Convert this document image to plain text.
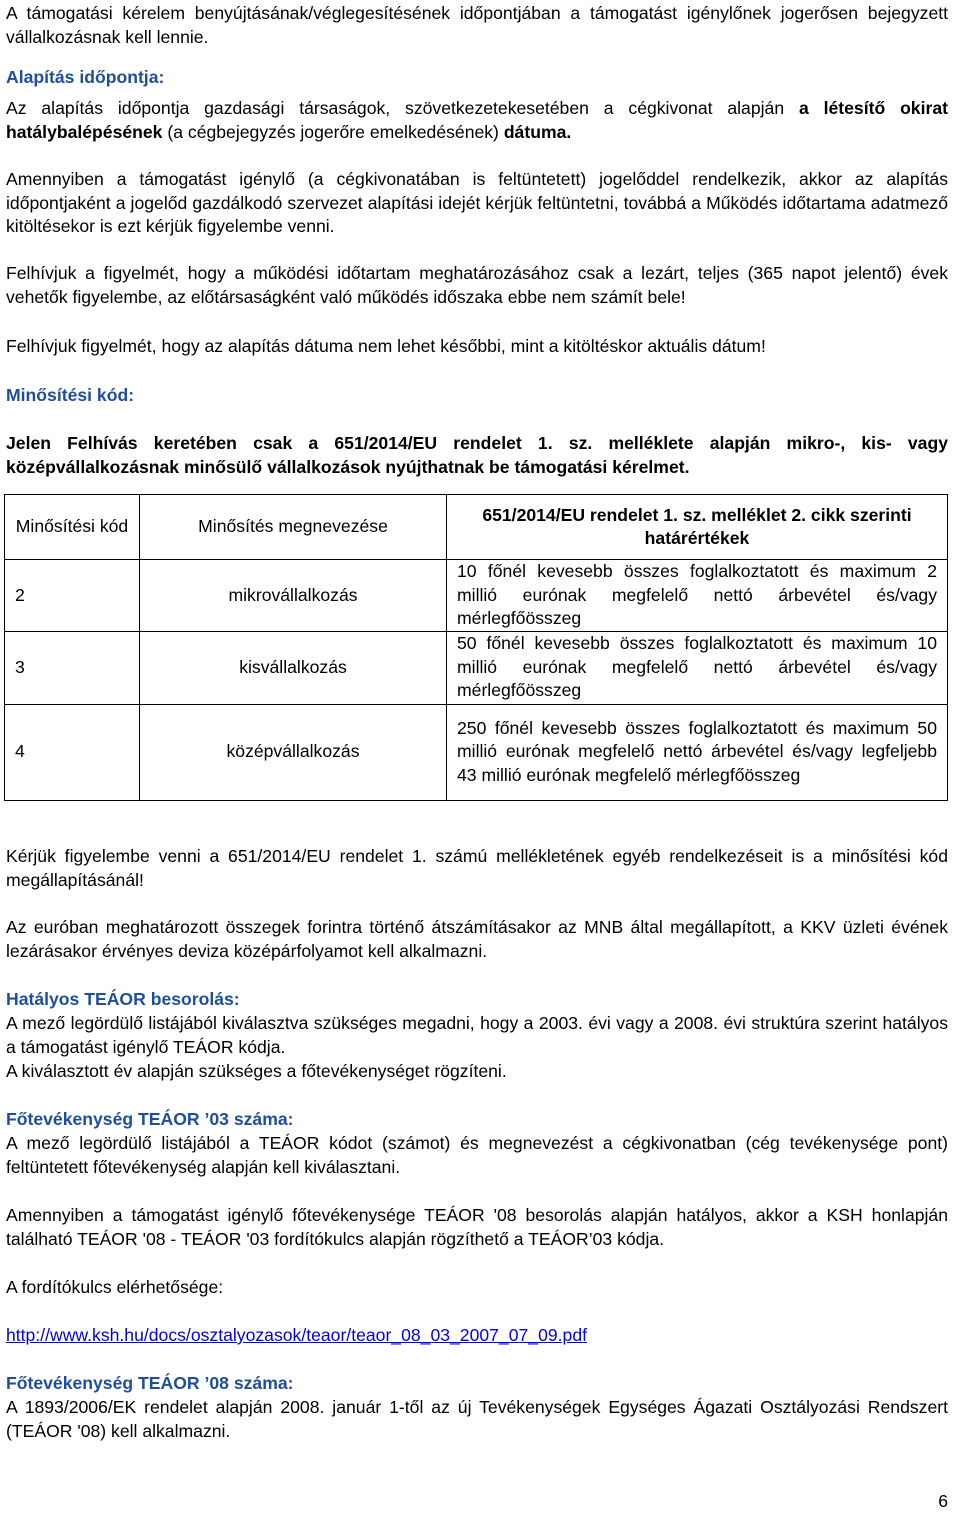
A támogatási kérelem benyújtásának/véglegesítésének időpontjában a támogatást igénylőnek jogerősen bejegyzett vállalkozásnak kell lennie.

Alapítás időpontja:

Az alapítás időpontja gazdasági társaságok, szövetkezetekesetében a cégkivonat alapján a létesítő okirat hatálybalépésének (a cégbejegyzés jogerőre emelkedésének) dátuma.

Amennyiben a támogatást igénylő (a cégkivonatában is feltüntetett) jogelőddel rendelkezik, akkor az alapítás időpontjaként a jogelőd gazdálkodó szervezet alapítási idejét kérjük feltüntetni, továbbá a Működés időtartama adatmező kitöltésekor is ezt kérjük figyelembe venni.

Felhívjuk a figyelmét, hogy a működési időtartam meghatározásához csak a lezárt, teljes (365 napot jelentő) évek vehetők figyelembe, az előtársaságként való működés időszaka ebbe nem számít bele!

Felhívjuk figyelmét, hogy az alapítás dátuma nem lehet későbbi, mint a kitöltéskor aktuális dátum!

Minősítési kód:

Jelen Felhívás keretében csak a 651/2014/EU rendelet 1. sz. melléklete alapján mikro-, kis- vagy középvállalkozásnak minősülő vállalkozások nyújthatnak be támogatási kérelmet.

Minősítési kód	Minősítés megnevezése	651/2014/EU rendelet 1. sz. melléklet 2. cikk szerinti határértékek
2	mikrovállalkozás	10 főnél kevesebb összes foglalkoztatott és maximum 2 millió eurónak megfelelő nettó árbevétel és/vagy mérlegfőösszeg
3	kisvállalkozás	50 főnél kevesebb összes foglalkoztatott és maximum 10 millió eurónak megfelelő nettó árbevétel és/vagy mérlegfőösszeg
4	középvállalkozás	250 főnél kevesebb összes foglalkoztatott és maximum 50 millió eurónak megfelelő nettó árbevétel és/vagy legfeljebb 43 millió eurónak megfelelő mérlegfőösszeg

Kérjük figyelembe venni a 651/2014/EU rendelet 1. számú mellékletének egyéb rendelkezéseit is a minősítési kód megállapításánál!

Az euróban meghatározott összegek forintra történő átszámításakor az MNB által megállapított, a KKV üzleti évének lezárásakor érvényes deviza középárfolyamot kell alkalmazni.

Hatályos TEÁOR besorolás:

A mező legördülő listájából kiválasztva szükséges megadni, hogy a 2003. évi vagy a 2008. évi struktúra szerint hatályos a támogatást igénylő TEÁOR kódja.

A kiválasztott év alapján szükséges a főtevékenységet rögzíteni.

Főtevékenység TEÁOR ’03 száma:

A mező legördülő listájából a TEÁOR kódot (számot) és megnevezést a cégkivonatban (cég tevékenysége pont) feltüntetett főtevékenység alapján kell kiválasztani.

Amennyiben a támogatást igénylő főtevékenysége TEÁOR '08 besorolás alapján hatályos, akkor a KSH honlapján található TEÁOR '08 - TEÁOR '03 fordítókulcs alapján rögzíthető a TEÁOR’03 kódja.

A fordítókulcs elérhetősége:

http://www.ksh.hu/docs/osztalyozasok/teaor/teaor_08_03_2007_07_09.pdf

Főtevékenység TEÁOR ’08 száma:

A 1893/2006/EK rendelet alapján 2008. január 1-től az új Tevékenységek Egységes Ágazati Osztályozási Rendszert (TEÁOR '08) kell alkalmazni.

6
